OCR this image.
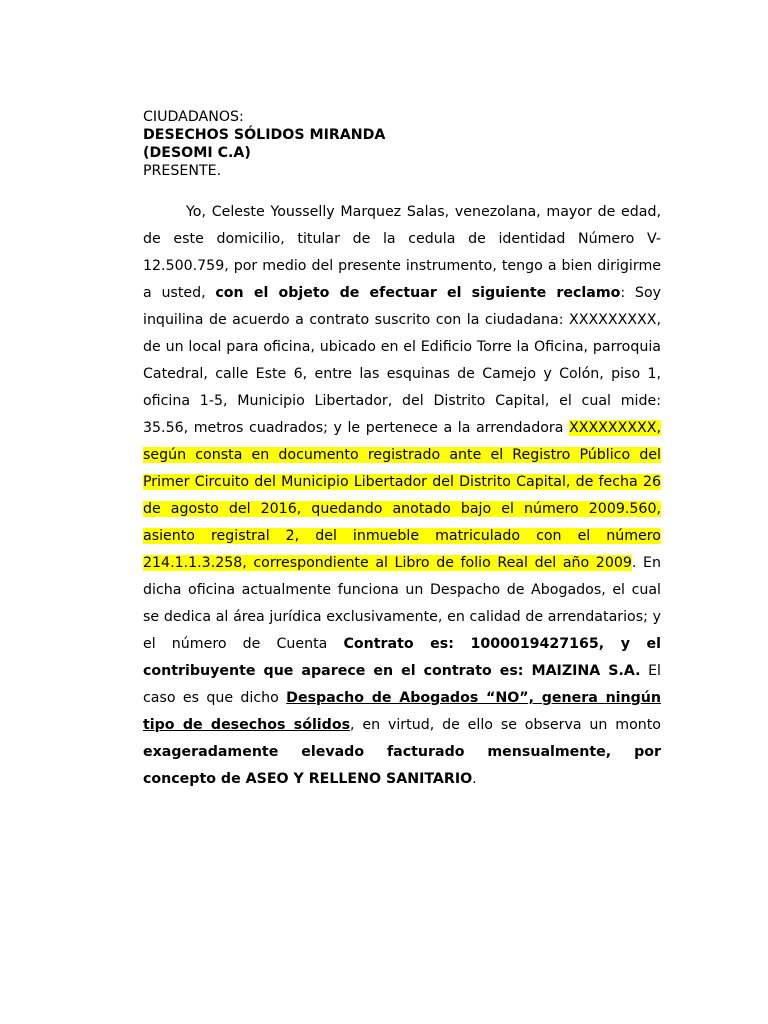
CIUDADANOS:
DESECHOS SÓLIDOS MIRANDA
(DESOMI C.A)
PRESENTE.

Yo, Celeste Yousselly Marquez Salas, venezolana, mayor de edad, de este domicilio, titular de la cedula de identidad Número V-12.500.759, por medio del presente instrumento, tengo a bien dirigirme a usted, con el objeto de efectuar el siguiente reclamo: Soy inquilina de acuerdo a contrato suscrito con la ciudadana: XXXXXXXXX, de un local para oficina, ubicado en el Edificio Torre la Oficina, parroquia Catedral, calle Este 6, entre las esquinas de Camejo y Colón, piso 1, oficina 1-5, Municipio Libertador, del Distrito Capital, el cual mide: 35.56, metros cuadrados; y le pertenece a la arrendadora XXXXXXXXX, según consta en documento registrado ante el Registro Público del Primer Circuito del Municipio Libertador del Distrito Capital, de fecha 26 de agosto del 2016, quedando anotado bajo el número 2009.560, asiento registral 2, del inmueble matriculado con el número 214.1.1.3.258, correspondiente al Libro de folio Real del año 2009. En dicha oficina actualmente funciona un Despacho de Abogados, el cual se dedica al área jurídica exclusivamente, en calidad de arrendatarios; y el número de Cuenta Contrato es: 1000019427165, y el contribuyente que aparece en el contrato es: MAIZINA S.A. El caso es que dicho Despacho de Abogados “NO”, genera ningún tipo de desechos sólidos, en virtud, de ello se observa un monto exageradamente elevado facturado mensualmente, por concepto de ASEO Y RELLENO SANITARIO.
